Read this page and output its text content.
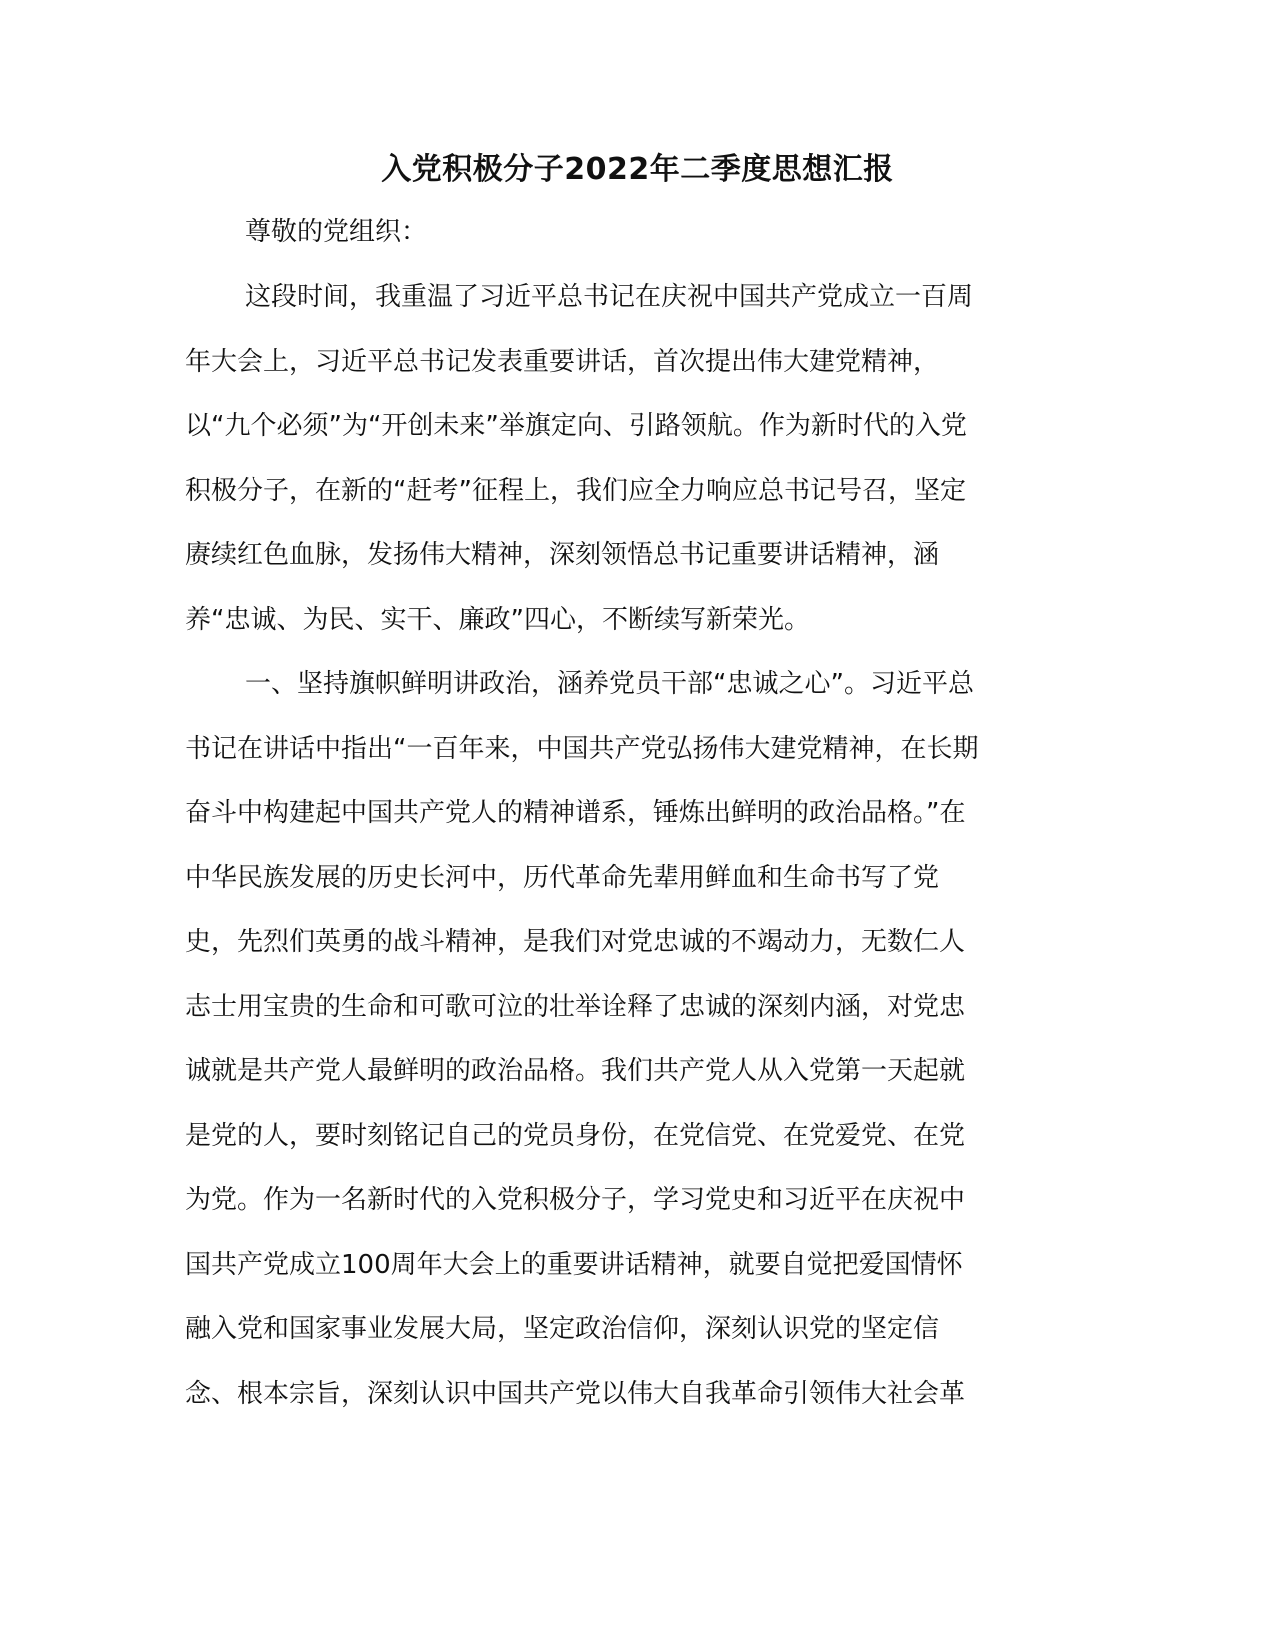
入党积极分子2022年二季度思想汇报

尊敬的党组织：

这段时间，我重温了习近平总书记在庆祝中国共产党成立一百周

年大会上，习近平总书记发表重要讲话，首次提出伟大建党精神，

以“九个必须”为“开创未来”举旗定向、引路领航。作为新时代的入党

积极分子，在新的“赶考”征程上，我们应全力响应总书记号召，坚定

赓续红色血脉，发扬伟大精神，深刻领悟总书记重要讲话精神，涵

养“忠诚、为民、实干、廉政”四心，不断续写新荣光。

一、坚持旗帜鲜明讲政治，涵养党员干部“忠诚之心”。习近平总

书记在讲话中指出“一百年来，中国共产党弘扬伟大建党精神，在长期

奋斗中构建起中国共产党人的精神谱系，锤炼出鲜明的政治品格。”在

中华民族发展的历史长河中，历代革命先辈用鲜血和生命书写了党

史，先烈们英勇的战斗精神，是我们对党忠诚的不竭动力，无数仁人

志士用宝贵的生命和可歌可泣的壮举诠释了忠诚的深刻内涵，对党忠

诚就是共产党人最鲜明的政治品格。我们共产党人从入党第一天起就

是党的人，要时刻铭记自己的党员身份，在党信党、在党爱党、在党

为党。作为一名新时代的入党积极分子，学习党史和习近平在庆祝中

国共产党成立100周年大会上的重要讲话精神，就要自觉把爱国情怀

融入党和国家事业发展大局，坚定政治信仰，深刻认识党的坚定信

念、根本宗旨，深刻认识中国共产党以伟大自我革命引领伟大社会革
